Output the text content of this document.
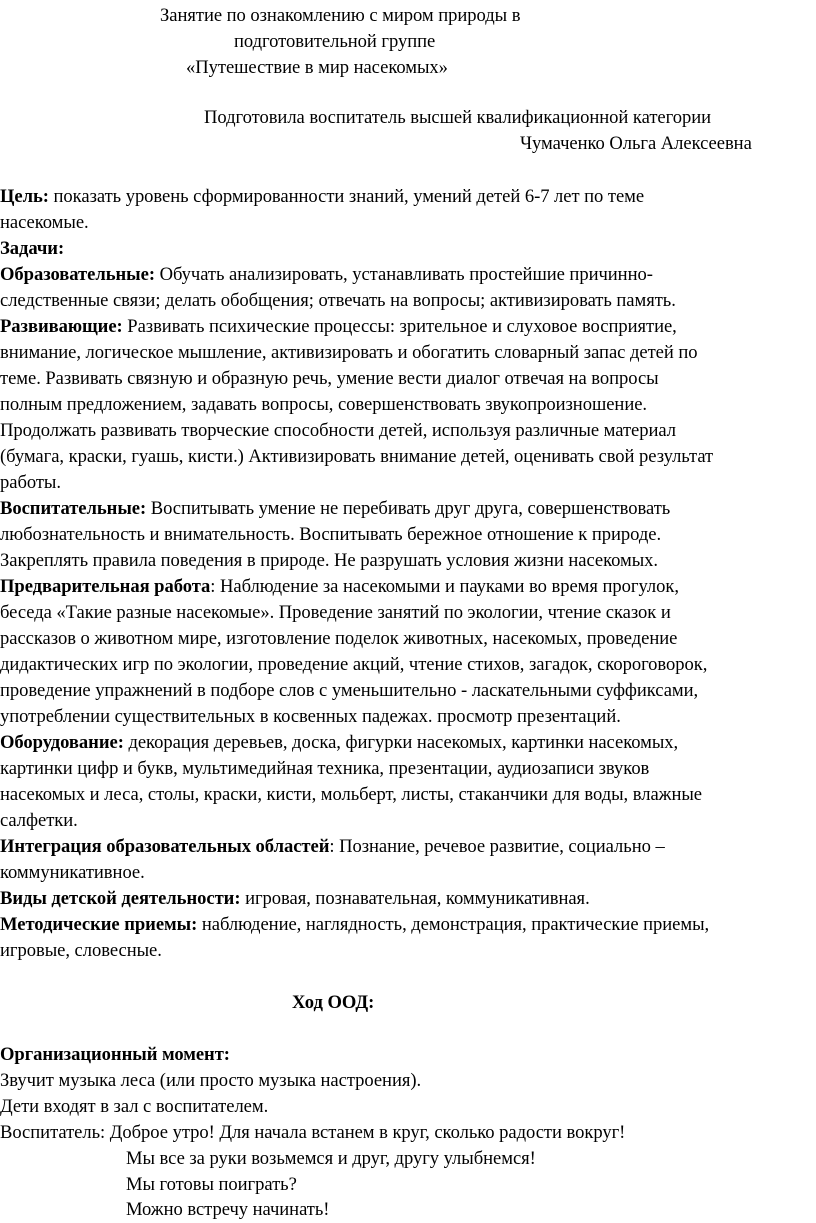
Занятие по ознакомлению с миром природы в
подготовительной группе
«Путешествие в мир насекомых»
Подготовила воспитатель высшей квалификационной категории
Чумаченко Ольга Алексеевна
Цель: показать уровень сформированности знаний, умений детей 6-7 лет по теме
насекомые.
Задачи:
Образовательные: Обучать анализировать, устанавливать простейшие причинно-
следственные связи; делать обобщения; отвечать на вопросы; активизировать память.
Развивающие: Развивать психические процессы: зрительное и слуховое восприятие,
внимание, логическое мышление, активизировать и обогатить словарный запас детей по
теме. Развивать связную и образную речь, умение вести диалог отвечая на вопросы
полным предложением, задавать вопросы, совершенствовать звукопроизношение.
Продолжать развивать творческие способности детей, используя различные материал
(бумага, краски, гуашь, кисти.) Активизировать внимание детей, оценивать свой результат
работы.
Воспитательные: Воспитывать умение не перебивать друг друга, совершенствовать
любознательность и внимательность. Воспитывать бережное отношение к природе.
Закреплять правила поведения в природе. Не разрушать условия жизни насекомых.
Предварительная работа: Наблюдение за насекомыми и пауками во время прогулок,
беседа «Такие разные насекомые». Проведение занятий по экологии, чтение сказок и
рассказов о животном мире, изготовление поделок животных, насекомых, проведение
дидактических игр по экологии, проведение акций, чтение стихов, загадок, скороговорок,
проведение упражнений в подборе слов с уменьшительно - ласкательными суффиксами,
употреблении существительных в косвенных падежах. просмотр презентаций.
Оборудование: декорация деревьев, доска, фигурки насекомых, картинки насекомых,
картинки цифр и букв, мультимедийная техника, презентации, аудиозаписи звуков
насекомых и леса, столы, краски, кисти, мольберт, листы, стаканчики для воды, влажные
салфетки.
Интеграция образовательных областей: Познание, речевое развитие, социально –
коммуникативное.
Виды детской деятельности: игровая, познавательная, коммуникативная.
Методические приемы: наблюдение, наглядность, демонстрация, практические приемы,
игровые, словесные.
Ход ООД:
Организационный момент:
Звучит музыка леса (или просто музыка настроения).
Дети входят в зал с воспитателем.
Воспитатель: Доброе утро! Для начала встанем в круг, сколько радости вокруг!
Мы все за руки возьмемся и друг, другу улыбнемся!
Мы готовы поиграть?
Можно встречу начинать!
